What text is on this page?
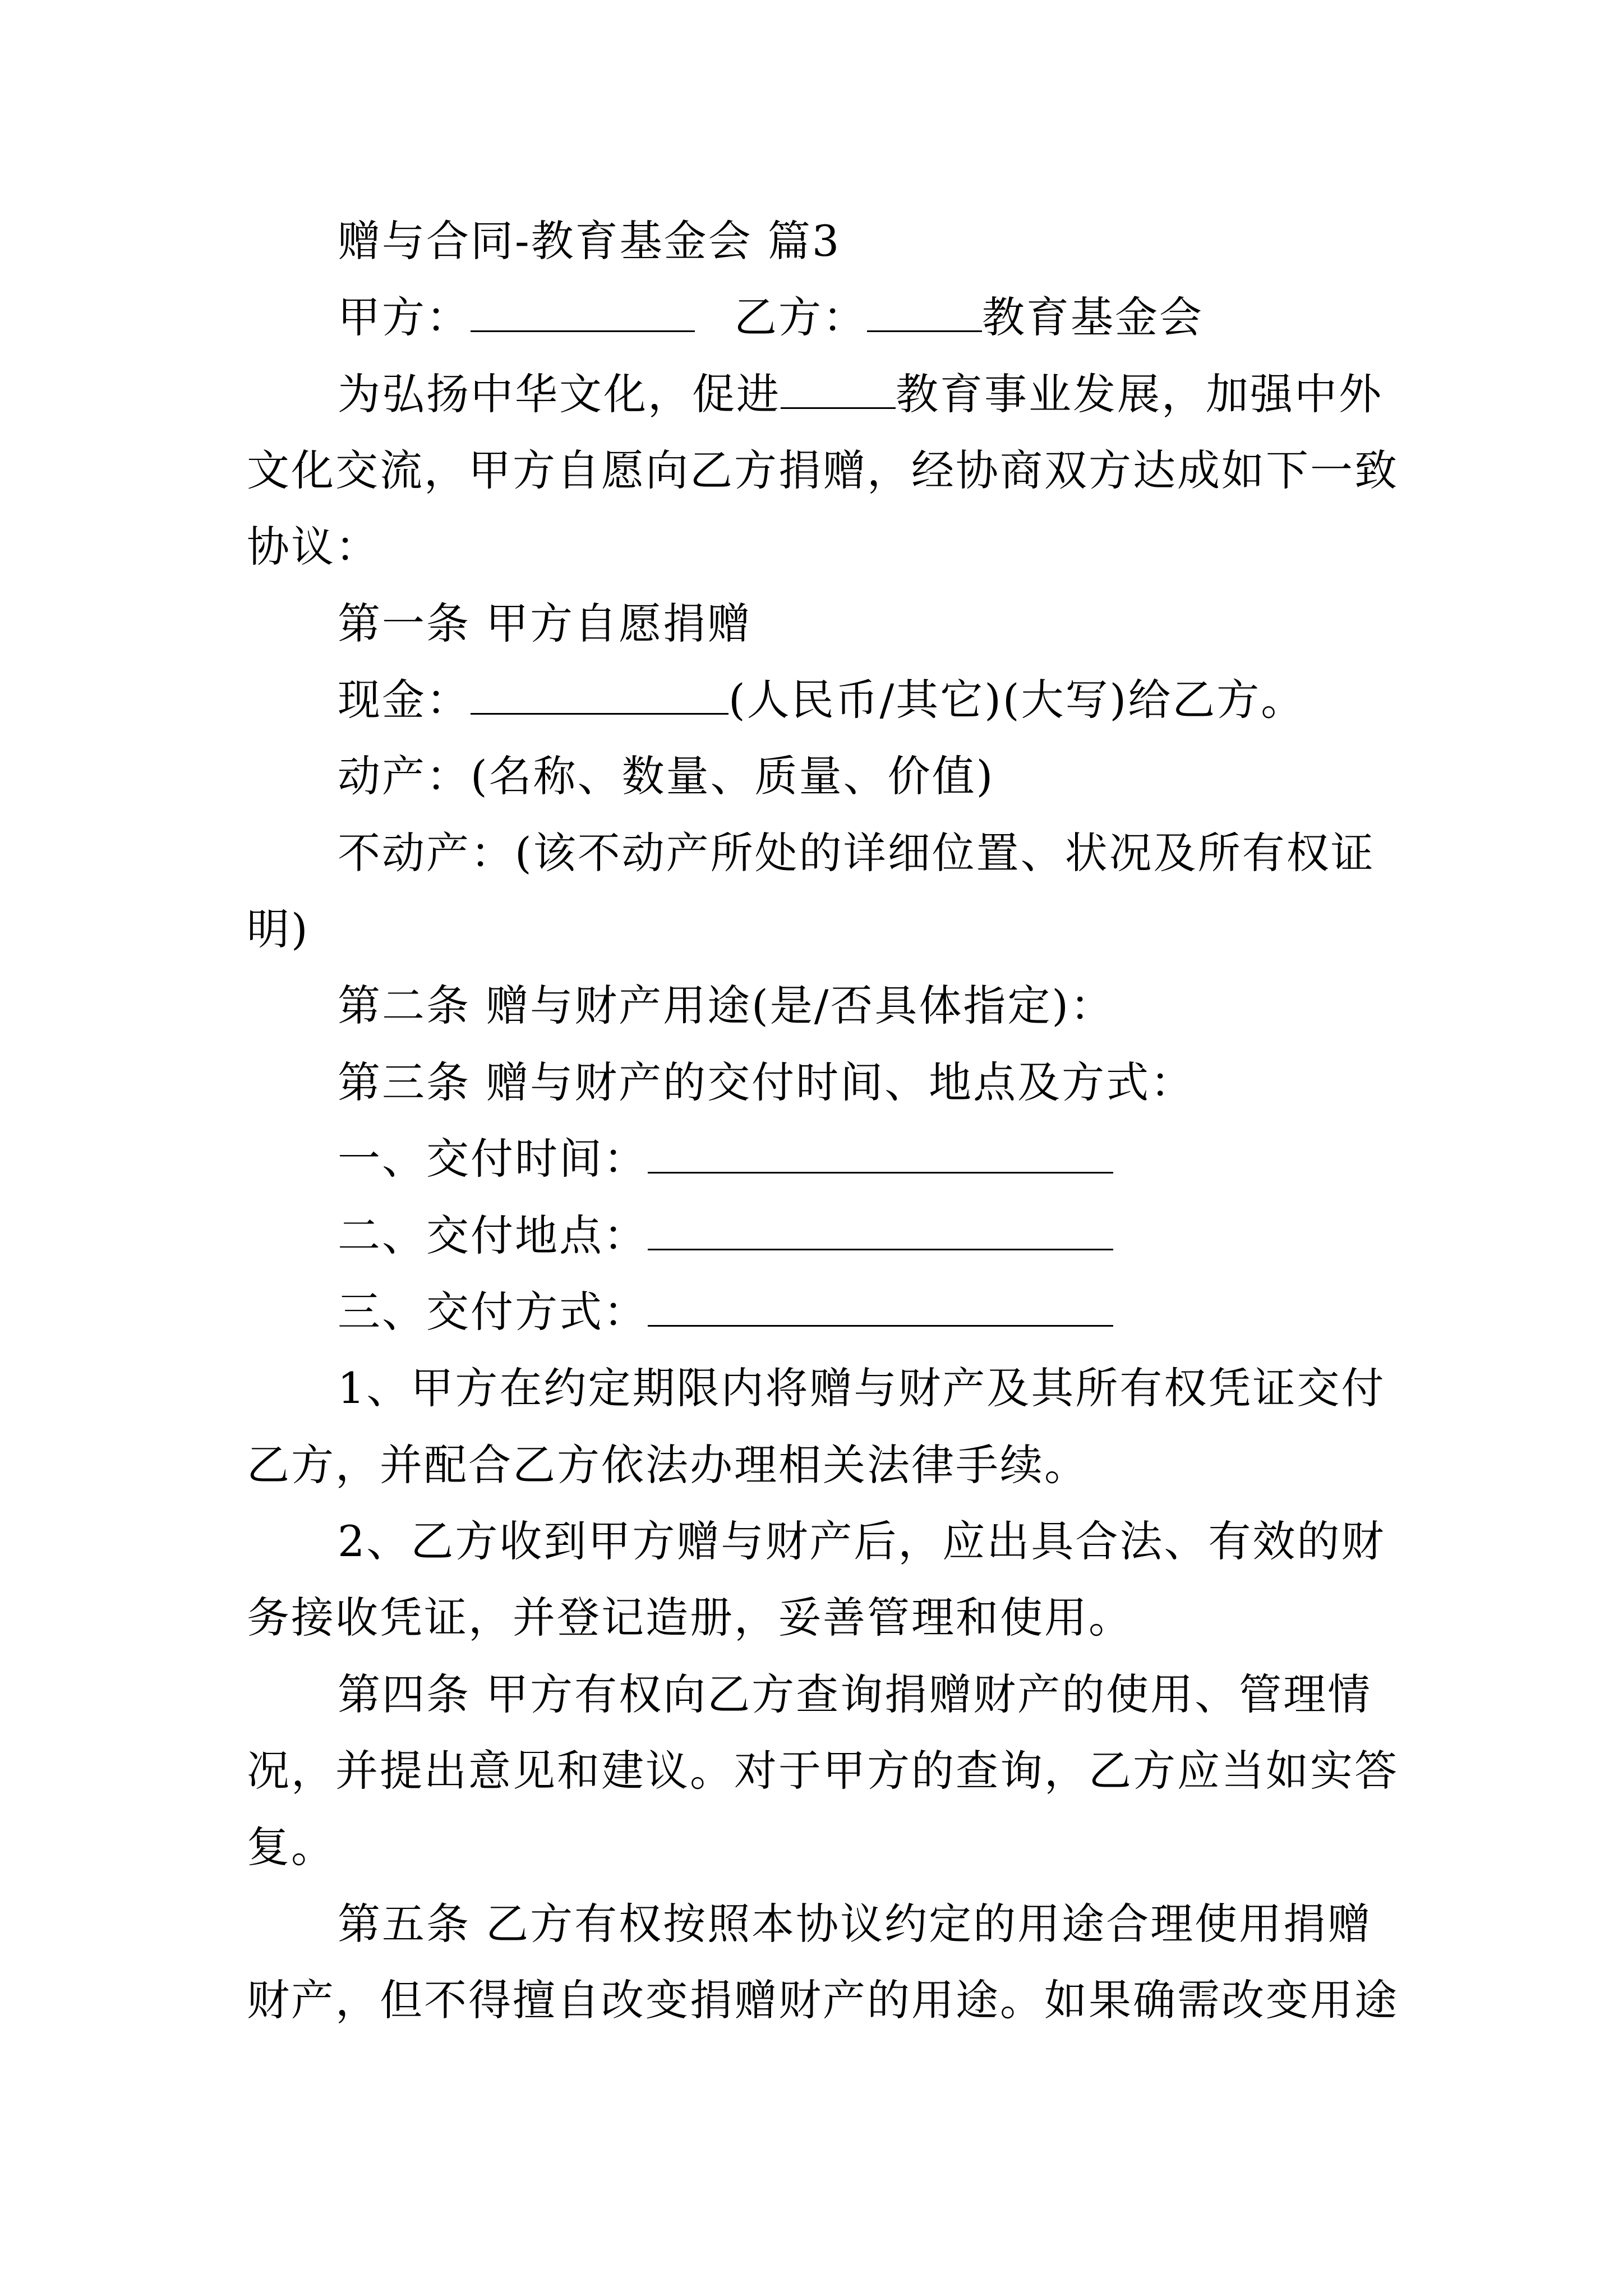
赠与合同-教育基金会 篇3
甲方：	乙方：	教育基金会
为弘扬中华文化，促进	教育事业发展，加强中外
文化交流，甲方自愿向乙方捐赠，经协商双方达成如下一致
协议：
第一条 甲方自愿捐赠
现金：	(人民币/其它)(大写)给乙方。
动产：(名称、数量、质量、价值)
不动产：(该不动产所处的详细位置、状况及所有权证
明)
第二条 赠与财产用途(是/否具体指定)：
第三条 赠与财产的交付时间、地点及方式：
一、交付时间：
二、交付地点：
三、交付方式：
1、甲方在约定期限内将赠与财产及其所有权凭证交付
乙方，并配合乙方依法办理相关法律手续。
2、乙方收到甲方赠与财产后，应出具合法、有效的财
务接收凭证，并登记造册，妥善管理和使用。
第四条 甲方有权向乙方查询捐赠财产的使用、管理情
况，并提出意见和建议。对于甲方的查询，乙方应当如实答
复。
第五条 乙方有权按照本协议约定的用途合理使用捐赠
财产，但不得擅自改变捐赠财产的用途。如果确需改变用途
